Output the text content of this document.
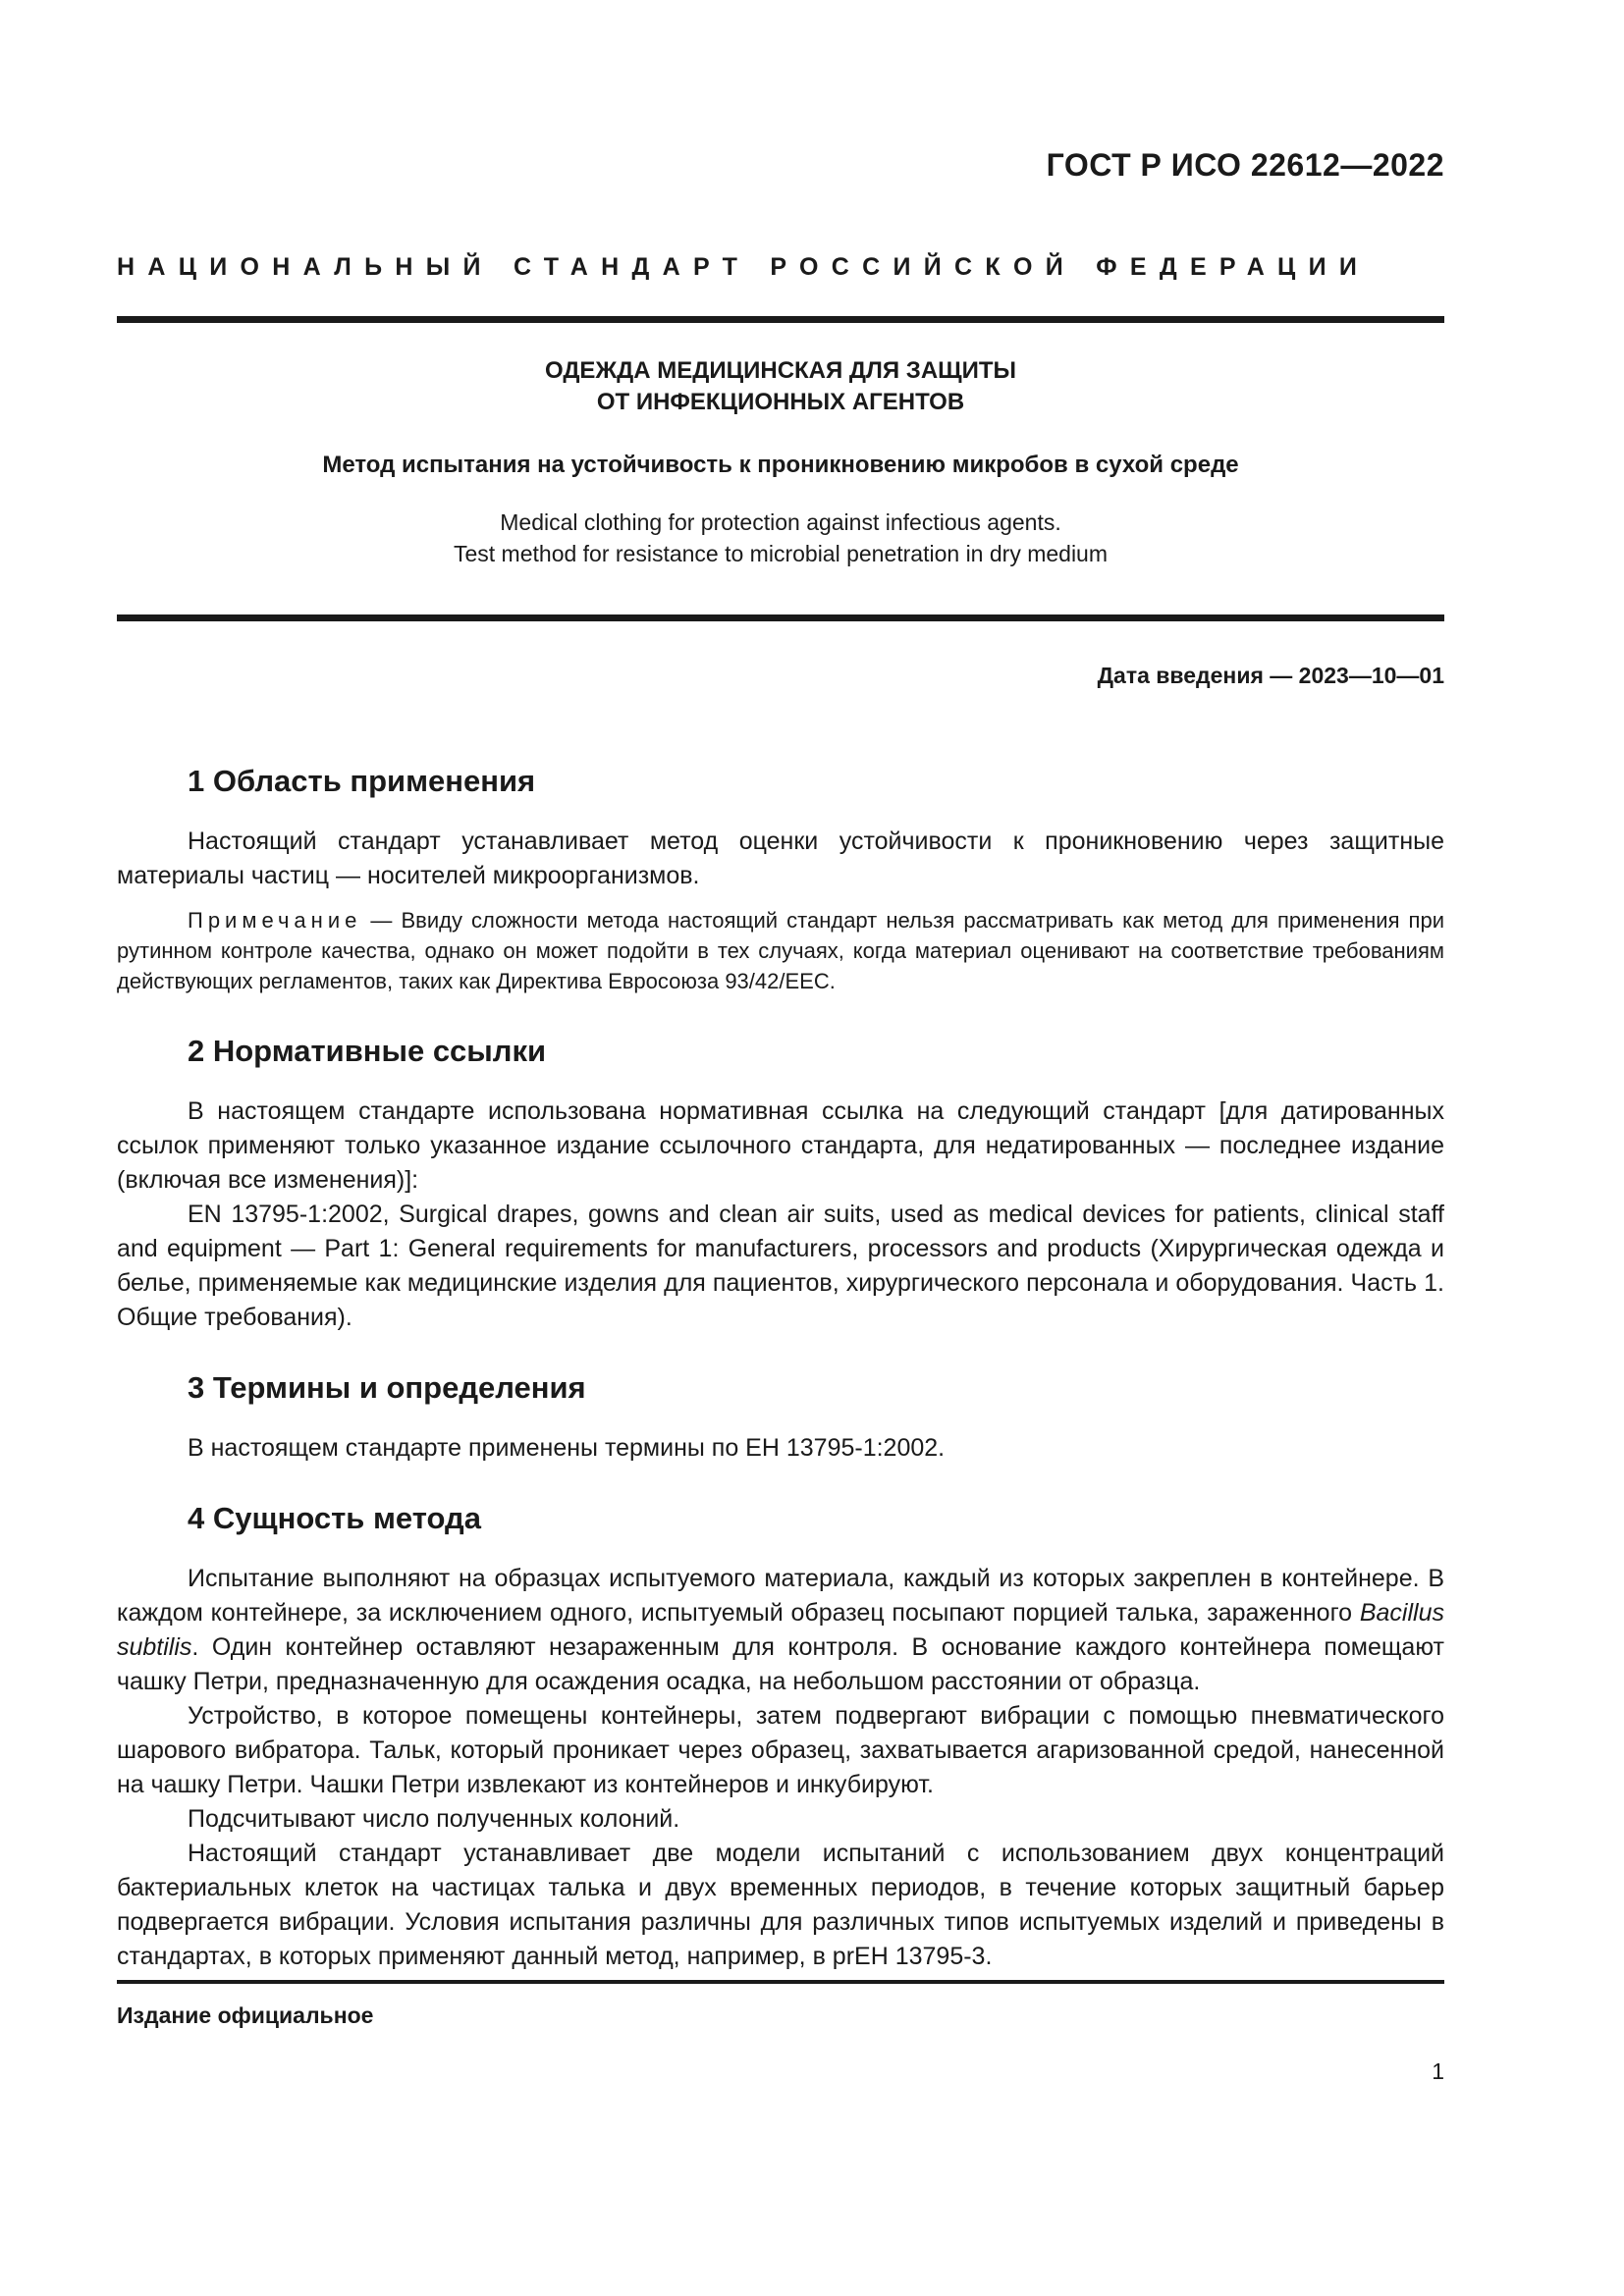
ГОСТ Р ИСО 22612—2022
НАЦИОНАЛЬНЫЙ СТАНДАРТ РОССИЙСКОЙ ФЕДЕРАЦИИ

ОДЕЖДА МЕДИЦИНСКАЯ ДЛЯ ЗАЩИТЫ

ОТ ИНФЕКЦИОННЫХ АГЕНТОВ

Метод испытания на устойчивость к проникновению микробов в сухой среде

Medical clothing for protection against infectious agents.
Test method for resistance to microbial penetration in dry medium

Дата введения — 2023—10—01
1 Область применения

Настоящий стандарт устанавливает метод оценки устойчивости к проникновению через защитные материалы частиц — носителей микроорганизмов.

Примечание — Ввиду сложности метода настоящий стандарт нельзя рассматривать как метод для применения при рутинном контроле качества, однако он может подойти в тех случаях, когда материал оценивают на соответствие требованиям действующих регламентов, таких как Директива Евросоюза 93/42/ЕЕС.

2 Нормативные ссылки

В настоящем стандарте использована нормативная ссылка на следующий стандарт [для датированных ссылок применяют только указанное издание ссылочного стандарта, для недатированных — последнее издание (включая все изменения)]:

EN 13795-1:2002, Surgical drapes, gowns and clean air suits, used as medical devices for patients, clinical staff and equipment — Part 1: General requirements for manufacturers, processors and products (Хирургическая одежда и белье, применяемые как медицинские изделия для пациентов, хирургического персонала и оборудования. Часть 1. Общие требования).

3 Термины и определения

В настоящем стандарте применены термины по ЕН 13795-1:2002.

4 Сущность метода

Испытание выполняют на образцах испытуемого материала, каждый из которых закреплен в контейнере. В каждом контейнере, за исключением одного, испытуемый образец посыпают порцией талька, зараженного Bacillus subtilis. Один контейнер оставляют незараженным для контроля. В основание каждого контейнера помещают чашку Петри, предназначенную для осаждения осадка, на небольшом расстоянии от образца.

Устройство, в которое помещены контейнеры, затем подвергают вибрации с помощью пневматического шарового вибратора. Тальк, который проникает через образец, захватывается агаризованной средой, нанесенной на чашку Петри. Чашки Петри извлекают из контейнеров и инкубируют.

Подсчитывают число полученных колоний.

Настоящий стандарт устанавливает две модели испытаний с использованием двух концентраций бактериальных клеток на частицах талька и двух временных периодов, в течение которых защитный барьер подвергается вибрации. Условия испытания различны для различных типов испытуемых изделий и приведены в стандартах, в которых применяют данный метод, например, в prEH 13795-3.

Издание официальное
1
